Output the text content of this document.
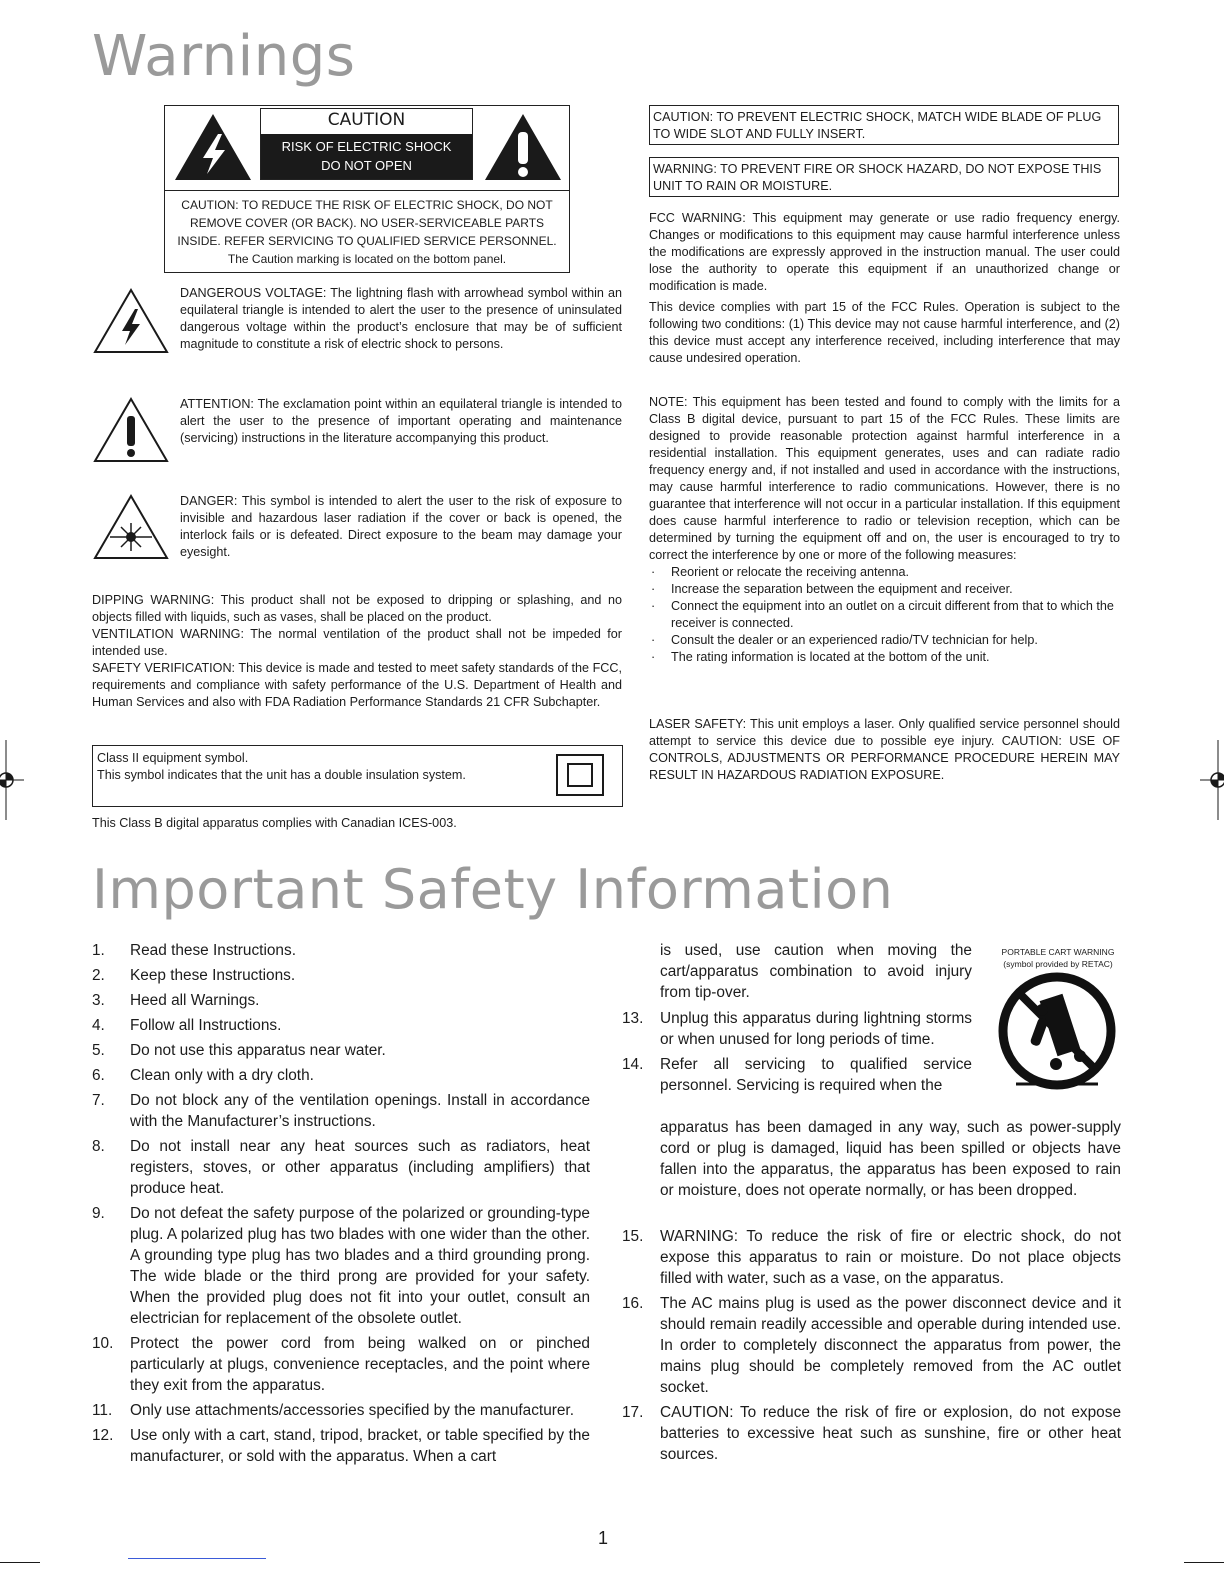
Warnings
CAUTION
RISK OF ELECTRIC SHOCK
DO NOT OPEN
CAUTION: TO REDUCE THE RISK OF ELECTRIC SHOCK, DO NOT REMOVE COVER (OR BACK). NO USER-SERVICEABLE PARTS INSIDE. REFER SERVICING TO QUALIFIED SERVICE PERSONNEL.
The Caution marking is located on the bottom panel.
DANGEROUS VOLTAGE: The lightning flash with arrowhead symbol within an equilateral triangle is intended to alert the user to the presence of uninsulated dangerous voltage within the product’s enclosure that may be of sufficient magnitude to constitute a risk of electric shock to persons.
ATTENTION: The exclamation point within an equilateral triangle is intended to alert the user to the presence of important operating and maintenance (servicing) instructions in the literature accompanying this product.
DANGER: This symbol is intended to alert the user to the risk of exposure to invisible and hazardous laser radiation if the cover or back is opened, the interlock fails or is defeated. Direct exposure to the beam may damage your eyesight.

DIPPING WARNING: This product shall not be exposed to dripping or splashing, and no objects filled with liquids, such as vases, shall be placed on the product.

VENTILATION WARNING: The normal ventilation of the product shall not be impeded for intended use.

SAFETY VERIFICATION: This device is made and tested to meet safety standards of the FCC, requirements and compliance with safety performance of the U.S. Department of Health and Human Services and also with FDA Radiation Performance Standards 21 CFR Subchapter.

Class II equipment symbol.
This symbol indicates that the unit has a double insulation system.
This Class B digital apparatus complies with Canadian ICES-003.

CAUTION: TO PREVENT ELECTRIC SHOCK, MATCH WIDE BLADE OF PLUG TO WIDE SLOT AND FULLY INSERT.

WARNING: TO PREVENT FIRE OR SHOCK HAZARD, DO NOT EXPOSE THIS UNIT TO RAIN OR MOISTURE.

FCC WARNING: This equipment may generate or use radio frequency energy. Changes or modifications to this equipment may cause harmful interference unless the modifications are expressly approved in the instruction manual. The user could lose the authority to operate this equipment if an unauthorized change or modification is made.

This device complies with part 15 of the FCC Rules. Operation is subject to the following two conditions: (1) This device may not cause harmful interference, and (2) this device must accept any interference received, including interference that may cause undesired operation.

NOTE: This equipment has been tested and found to comply with the limits for a Class B digital device, pursuant to part 15 of the FCC Rules. These limits are designed to provide reasonable protection against harmful interference in a residential installation. This equipment generates, uses and can radiate radio frequency energy and, if not installed and used in accordance with the instructions, may cause harmful interference to radio communications. However, there is no guarantee that interference will not occur in a particular installation. If this equipment does cause harmful interference to radio or television reception, which can be determined by turning the equipment off and on, the user is encouraged to try to correct the interference by one or more of the following measures:

· Reorient or relocate the receiving antenna.
· Increase the separation between the equipment and receiver.
· Connect the equipment into an outlet on a circuit different from that to which the receiver is connected.
· Consult the dealer or an experienced radio/TV technician for help.
· The rating information is located at the bottom of the unit.

LASER SAFETY: This unit employs a laser. Only qualified service personnel should attempt to service this device due to possible eye injury. CAUTION: USE OF CONTROLS, ADJUSTMENTS OR PERFORMANCE PROCEDURE HEREIN MAY RESULT IN HAZARDOUS RADIATION EXPOSURE.

Important Safety Information
1. Read these Instructions.
2. Keep these Instructions.
3. Heed all Warnings.
4. Follow all Instructions.
5. Do not use this apparatus near water.
6. Clean only with a dry cloth.
7. Do not block any of the ventilation openings. Install in accordance with the Manufacturer’s instructions.
8. Do not install near any heat sources such as radiators, heat registers, stoves, or other apparatus (including amplifiers) that produce heat.
9. Do not defeat the safety purpose of the polarized or grounding-type plug. A polarized plug has two blades with one wider than the other. A grounding type plug has two blades and a third grounding prong. The wide blade or the third prong are provided for your safety. When the provided plug does not fit into your outlet, consult an electrician for replacement of the obsolete outlet.
10. Protect the power cord from being walked on or pinched particularly at plugs, convenience receptacles, and the point where they exit from the apparatus.
11. Only use attachments/accessories specified by the manufacturer.
12. Use only with a cart, stand, tripod, bracket, or table specified by the manufacturer, or sold with the apparatus. When a cart
is used, use caution when moving the cart/apparatus combination to avoid injury from tip-over.
PORTABLE CART WARNING
(symbol provided by RETAC)
13. Unplug this apparatus during lightning storms or when unused for long periods of time.
14. Refer all servicing to qualified service personnel. Servicing is required when the
apparatus has been damaged in any way, such as power-supply cord or plug is damaged, liquid has been spilled or objects have fallen into the apparatus, the apparatus has been exposed to rain or moisture, does not operate normally, or has been dropped.
15. WARNING: To reduce the risk of fire or electric shock, do not expose this apparatus to rain or moisture. Do not place objects filled with water, such as a vase, on the apparatus.
16. The AC mains plug is used as the power disconnect device and it should remain readily accessible and operable during intended use. In order to completely disconnect the apparatus from power, the mains plug should be completely removed from the AC outlet socket.
17. CAUTION: To reduce the risk of fire or explosion, do not expose batteries to excessive heat such as sunshine, fire or other heat sources.
1
